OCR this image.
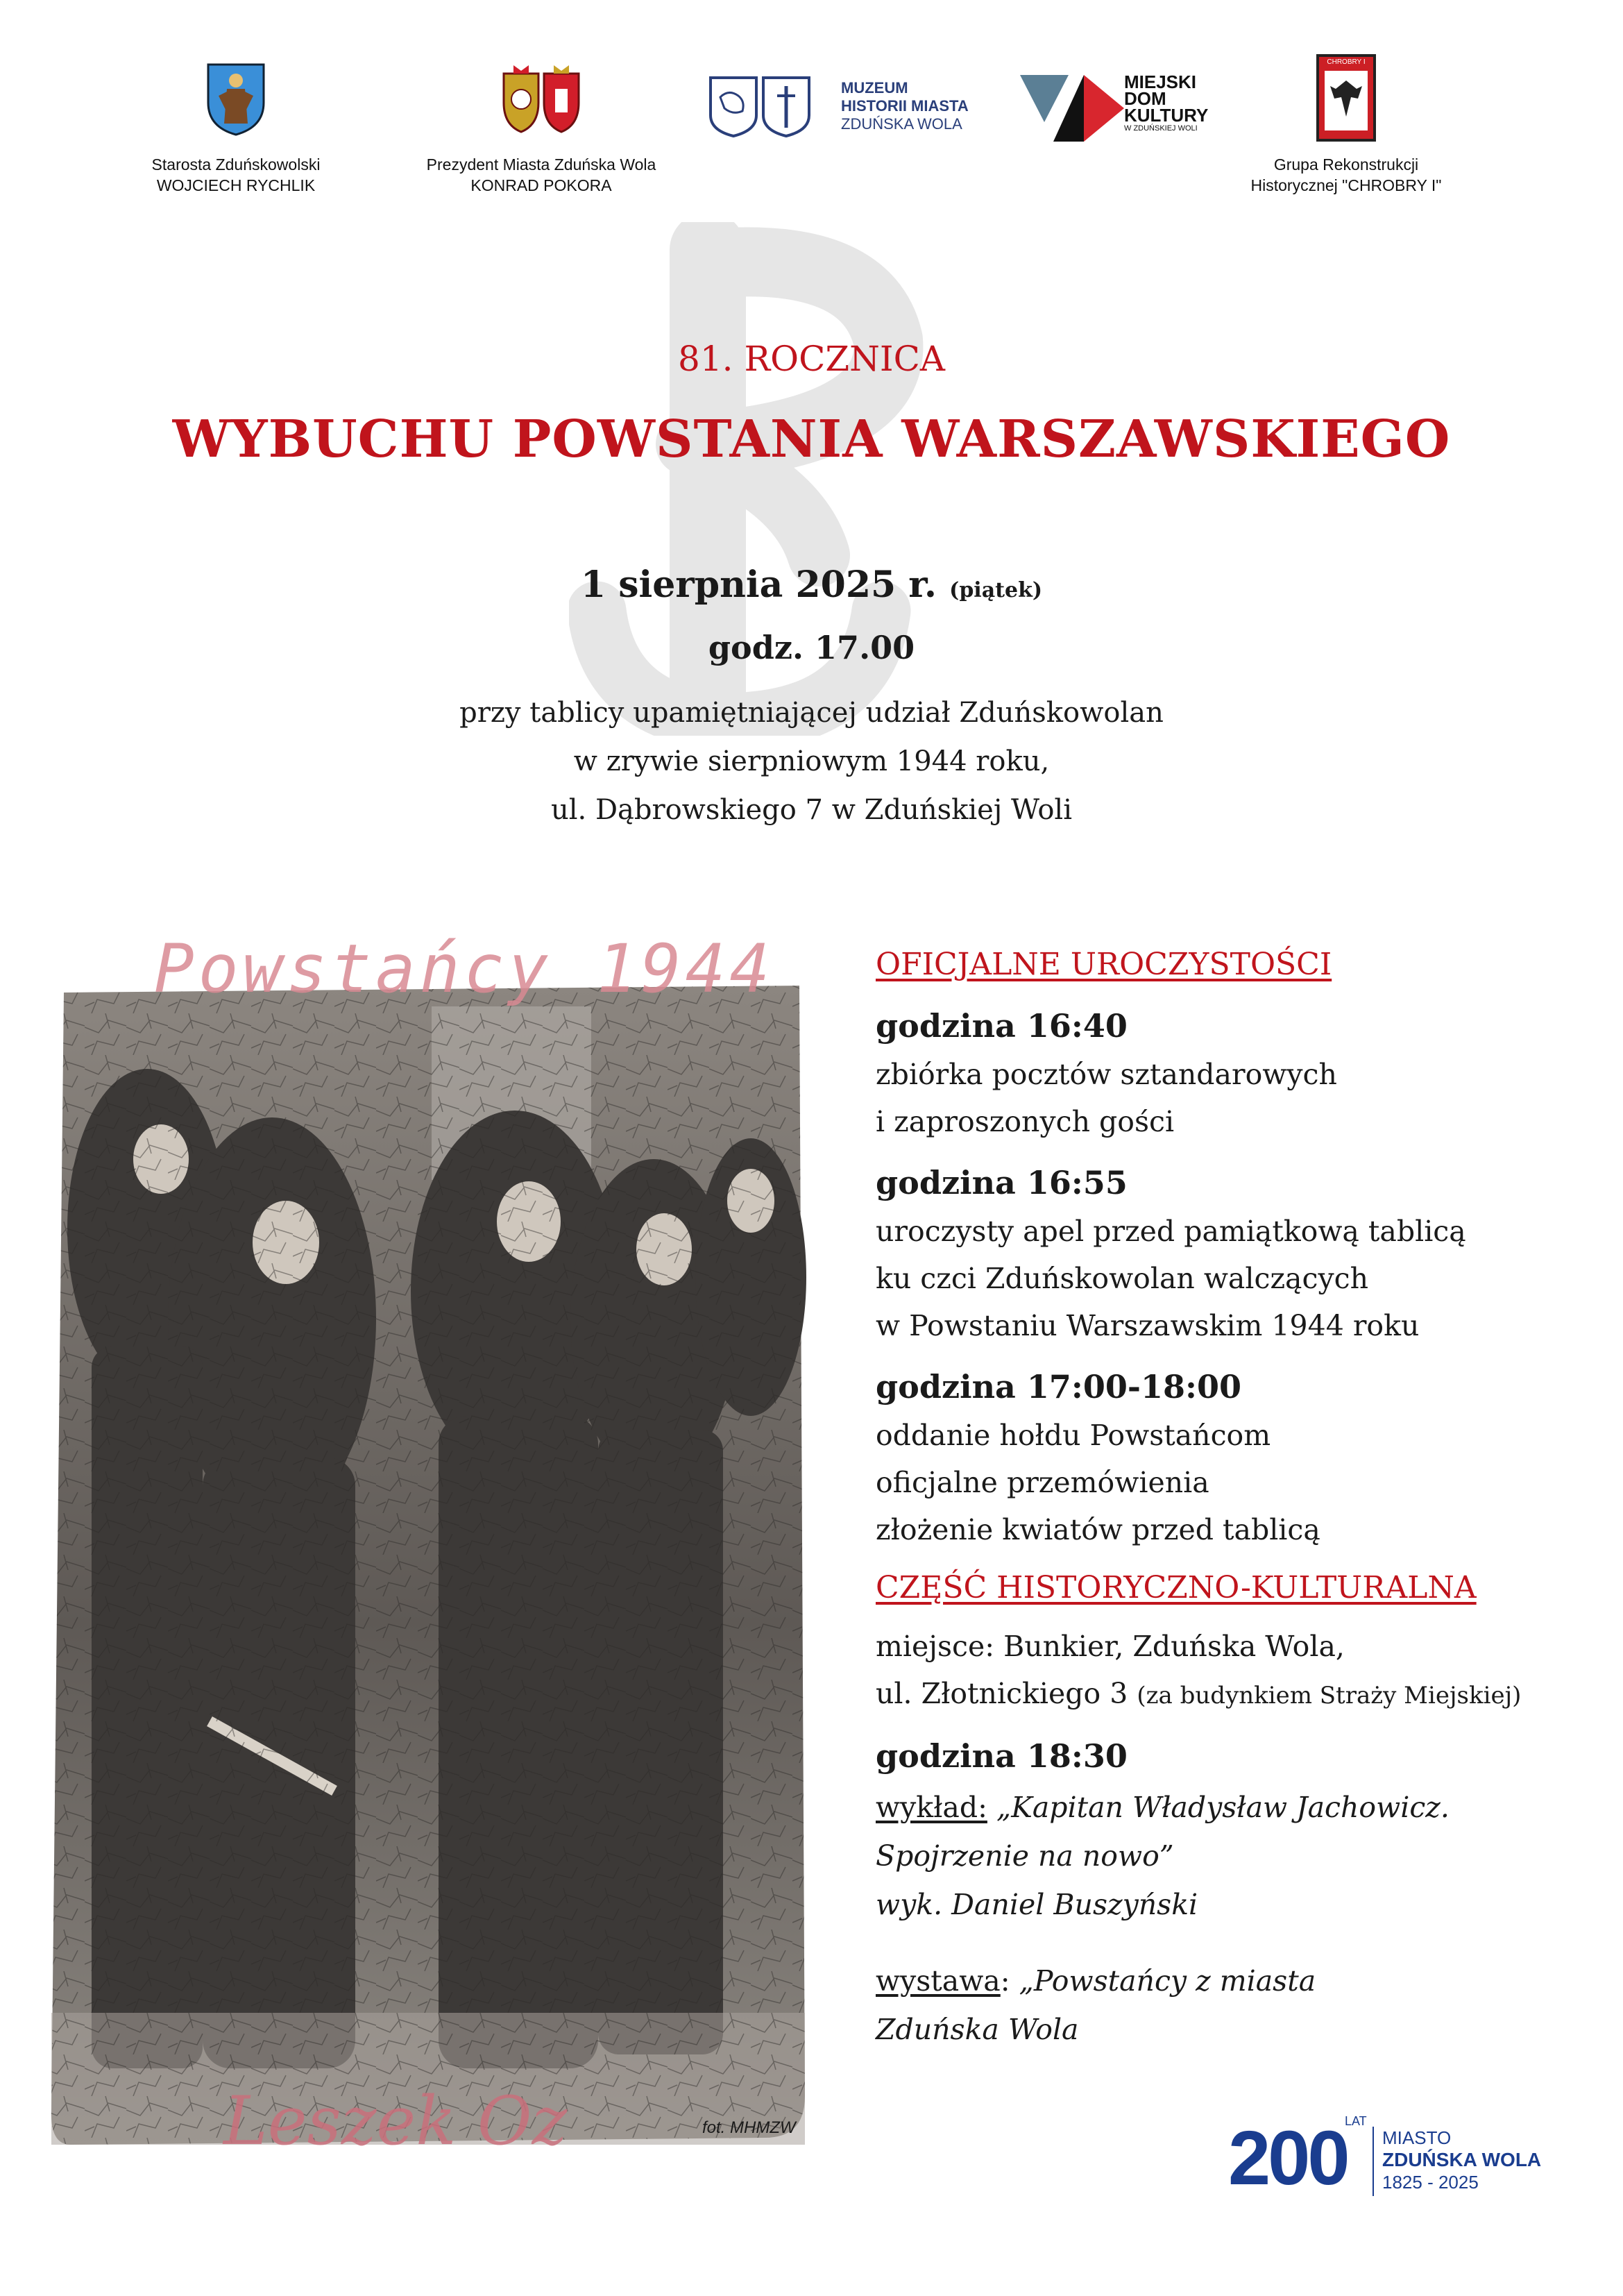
Starosta Zduńskowolski
WOJCIECH RYCHLIK
Prezydent Miasta Zduńska Wola
KONRAD POKORA
MUZEUM
HISTORII MIASTA
ZDUŃSKA WOLA
MIEJSKI
DOM
KULTURY
W ZDUŃSKIEJ WOLI
CHROBRY I
Grupa Rekonstrukcji
Historycznej "CHROBRY I"
81. ROCZNICA
WYBUCHU POWSTANIA WARSZAWSKIEGO
1 sierpnia 2025 r. (piątek)
godz. 17.00
przy tablicy upamiętniającej udział Zduńskowolan
w zrywie sierpniowym 1944 roku,
ul. Dąbrowskiego 7 w Zduńskiej Woli
Powstańcy 1944
Leszek Oz	fot. MHMZW
OFICJALNE UROCZYSTOŚCI
godzina 16:40
zbiórka pocztów sztandarowych
i zaproszonych gości
godzina 16:55
uroczysty apel przed pamiątkową tablicą
ku czci Zduńskowolan walczących
w Powstaniu Warszawskim 1944 roku
godzina 17:00-18:00
oddanie hołdu Powstańcom
oficjalne przemówienia
złożenie kwiatów przed tablicą
CZĘŚĆ HISTORYCZNO-KULTURALNA
miejsce: Bunkier, Zduńska Wola,
ul. Złotnickiego 3 (za budynkiem Straży Miejskiej)
godzina 18:30
wykład: „Kapitan Władysław Jachowicz.
Spojrzenie na nowo”
wyk. Daniel Buszyński
wystawa: „Powstańcy z miasta
Zduńska Wola
200
LAT
MIASTO
ZDUŃSKA WOLA
1825 - 2025
